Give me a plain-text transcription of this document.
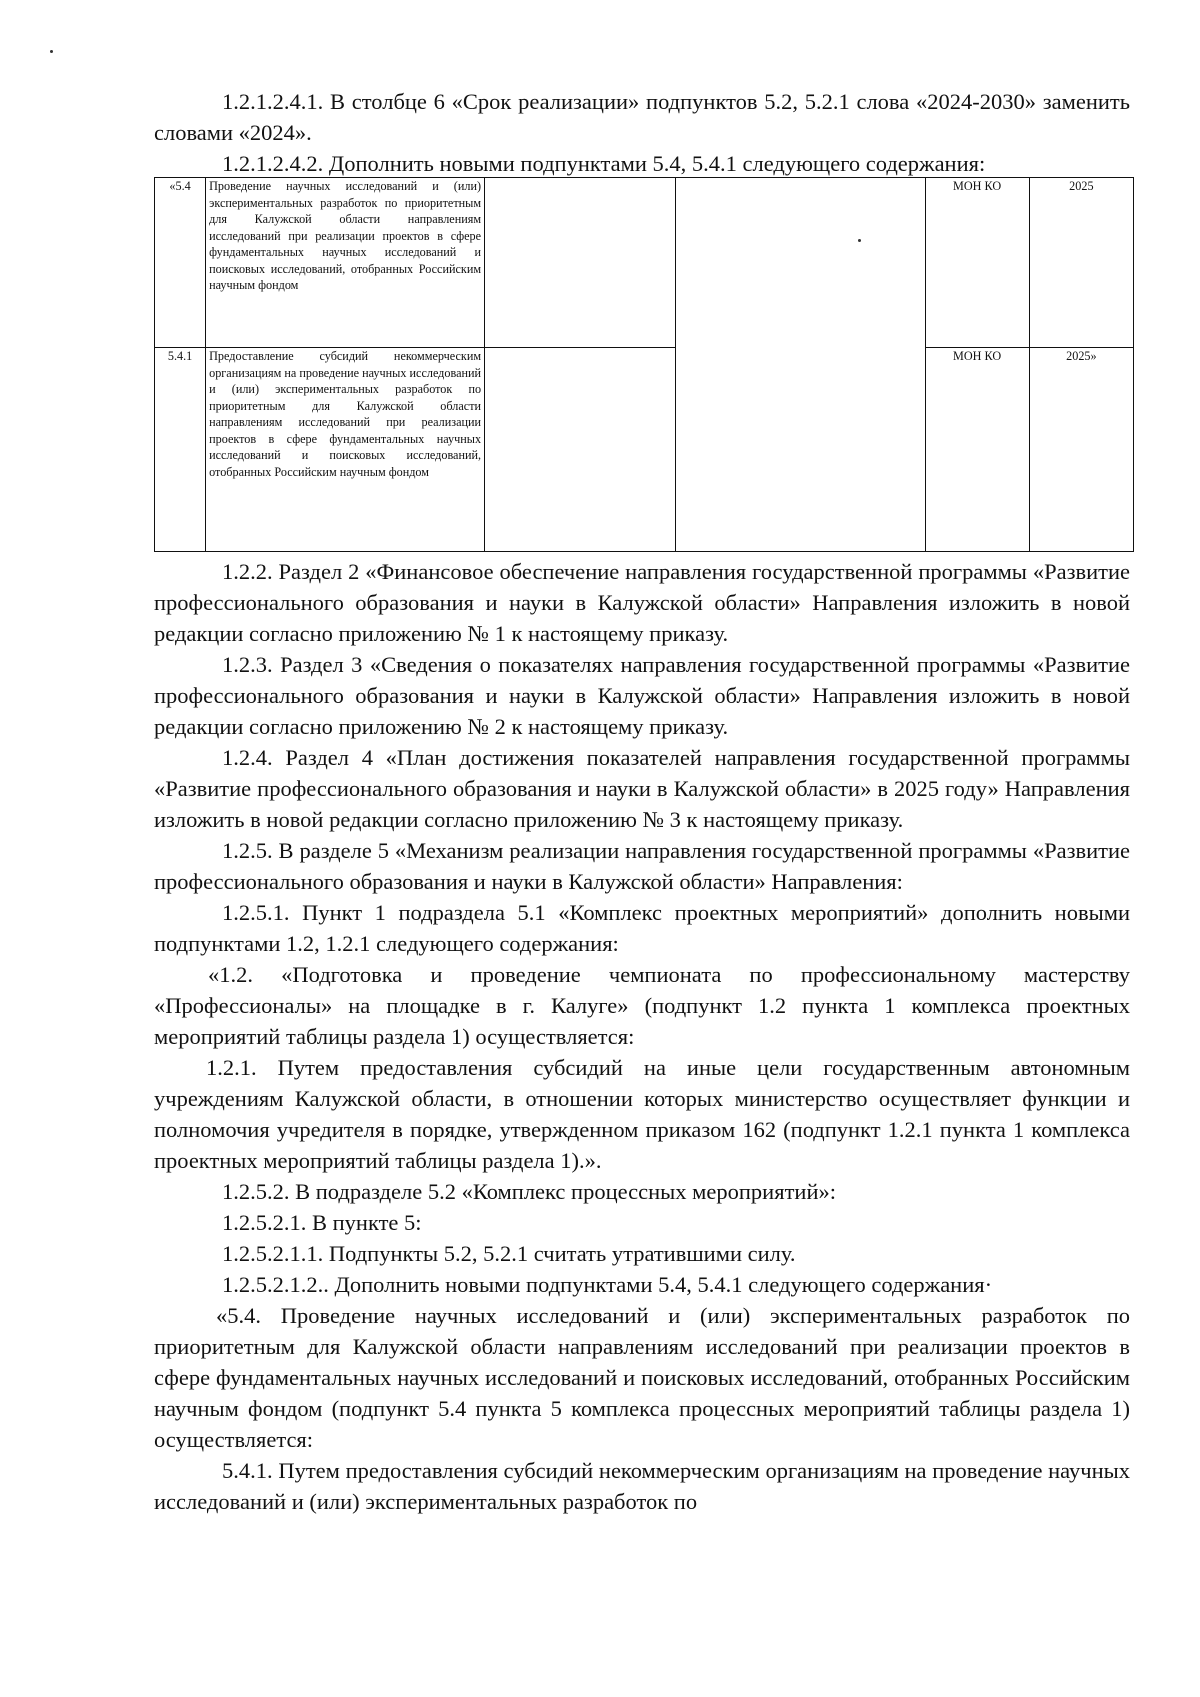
1.2.1.2.4.1. В столбце 6 «Срок реализации» подпунктов 5.2, 5.2.1 слова «2024-2030» заменить словами «2024».

1.2.1.2.4.2. Дополнить новыми подпунктами 5.4, 5.4.1 следующего содержания:

«5.4	Проведение научных исследований и (или) экспериментальных разработок по приоритетным для Калужской области направлениям исследований при реализации проектов в сфере фундаментальных научных исследований и поисковых исследований, отобранных Российским научным фондом			МОН КО	2025
5.4.1	Предоставление субсидий некоммерческим организациям на проведение научных исследований и (или) экспериментальных разработок по приоритетным для Калужской области направлениям исследований при реализации проектов в сфере фундаментальных научных исследований и поисковых исследований, отобранных Российским научным фондом			МОН КО	2025»

1.2.2. Раздел 2 «Финансовое обеспечение направления государственной программы «Развитие профессионального образования и науки в Калужской области» Направления изложить в новой редакции согласно приложению № 1 к настоящему приказу.

1.2.3. Раздел 3 «Сведения о показателях направления государственной программы «Развитие профессионального образования и науки в Калужской области» Направления изложить в новой редакции согласно приложению № 2 к настоящему приказу.

1.2.4. Раздел 4 «План достижения показателей направления государственной программы «Развитие профессионального образования и науки в Калужской области» в 2025 году» Направления изложить в новой редакции согласно приложению № 3 к настоящему приказу.

1.2.5. В разделе 5 «Механизм реализации направления государственной программы «Развитие профессионального образования и науки в Калужской области» Направления:

1.2.5.1. Пункт 1 подраздела 5.1 «Комплекс проектных мероприятий» дополнить новыми подпунктами 1.2, 1.2.1 следующего содержания:

«1.2. «Подготовка и проведение чемпионата по профессиональному мастерству «Профессионалы» на площадке в г. Калуге» (подпункт 1.2 пункта 1 комплекса проектных мероприятий таблицы раздела 1) осуществляется:

1.2.1. Путем предоставления субсидий на иные цели государственным автономным учреждениям Калужской области, в отношении которых министерство осуществляет функции и полномочия учредителя в порядке, утвержденном приказом 162 (подпункт 1.2.1 пункта 1 комплекса проектных мероприятий таблицы раздела 1).».

1.2.5.2. В подразделе 5.2 «Комплекс процессных мероприятий»:

1.2.5.2.1. В пункте 5:

1.2.5.2.1.1. Подпункты 5.2, 5.2.1 считать утратившими силу.

1.2.5.2.1.2.. Дополнить новыми подпунктами 5.4, 5.4.1 следующего содержания·

«5.4. Проведение научных исследований и (или) экспериментальных разработок по приоритетным для Калужской области направлениям исследований при реализации проектов в сфере фундаментальных научных исследований и поисковых исследований, отобранных Российским научным фондом (подпункт 5.4 пункта 5 комплекса процессных мероприятий таблицы раздела 1) осуществляется:

5.4.1. Путем предоставления субсидий некоммерческим организациям на проведение научных исследований и (или) экспериментальных разработок по
